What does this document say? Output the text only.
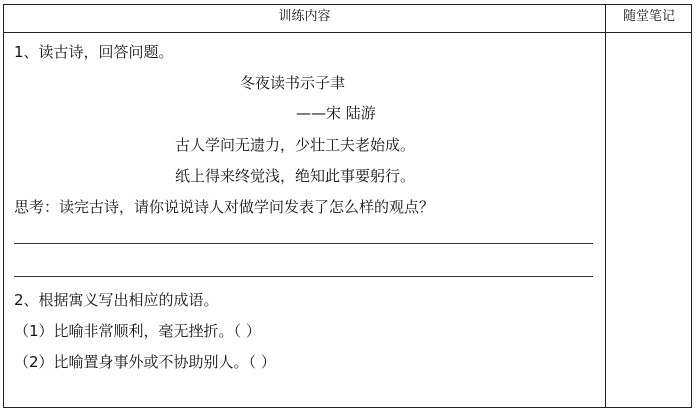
训练内容	随堂笔记
1、读古诗，回答问题。
冬夜读书示子聿
——宋 陆游
古人学问无遗力，少壮工夫老始成。
纸上得来终觉浅，绝知此事要躬行。
思考：读完古诗，请你说说诗人对做学问发表了怎么样的观点？
2、根据寓义写出相应的成语。
（1）比喻非常顺利，毫无挫折。（ ）
（2）比喻置身事外或不协助别人。（ ）
